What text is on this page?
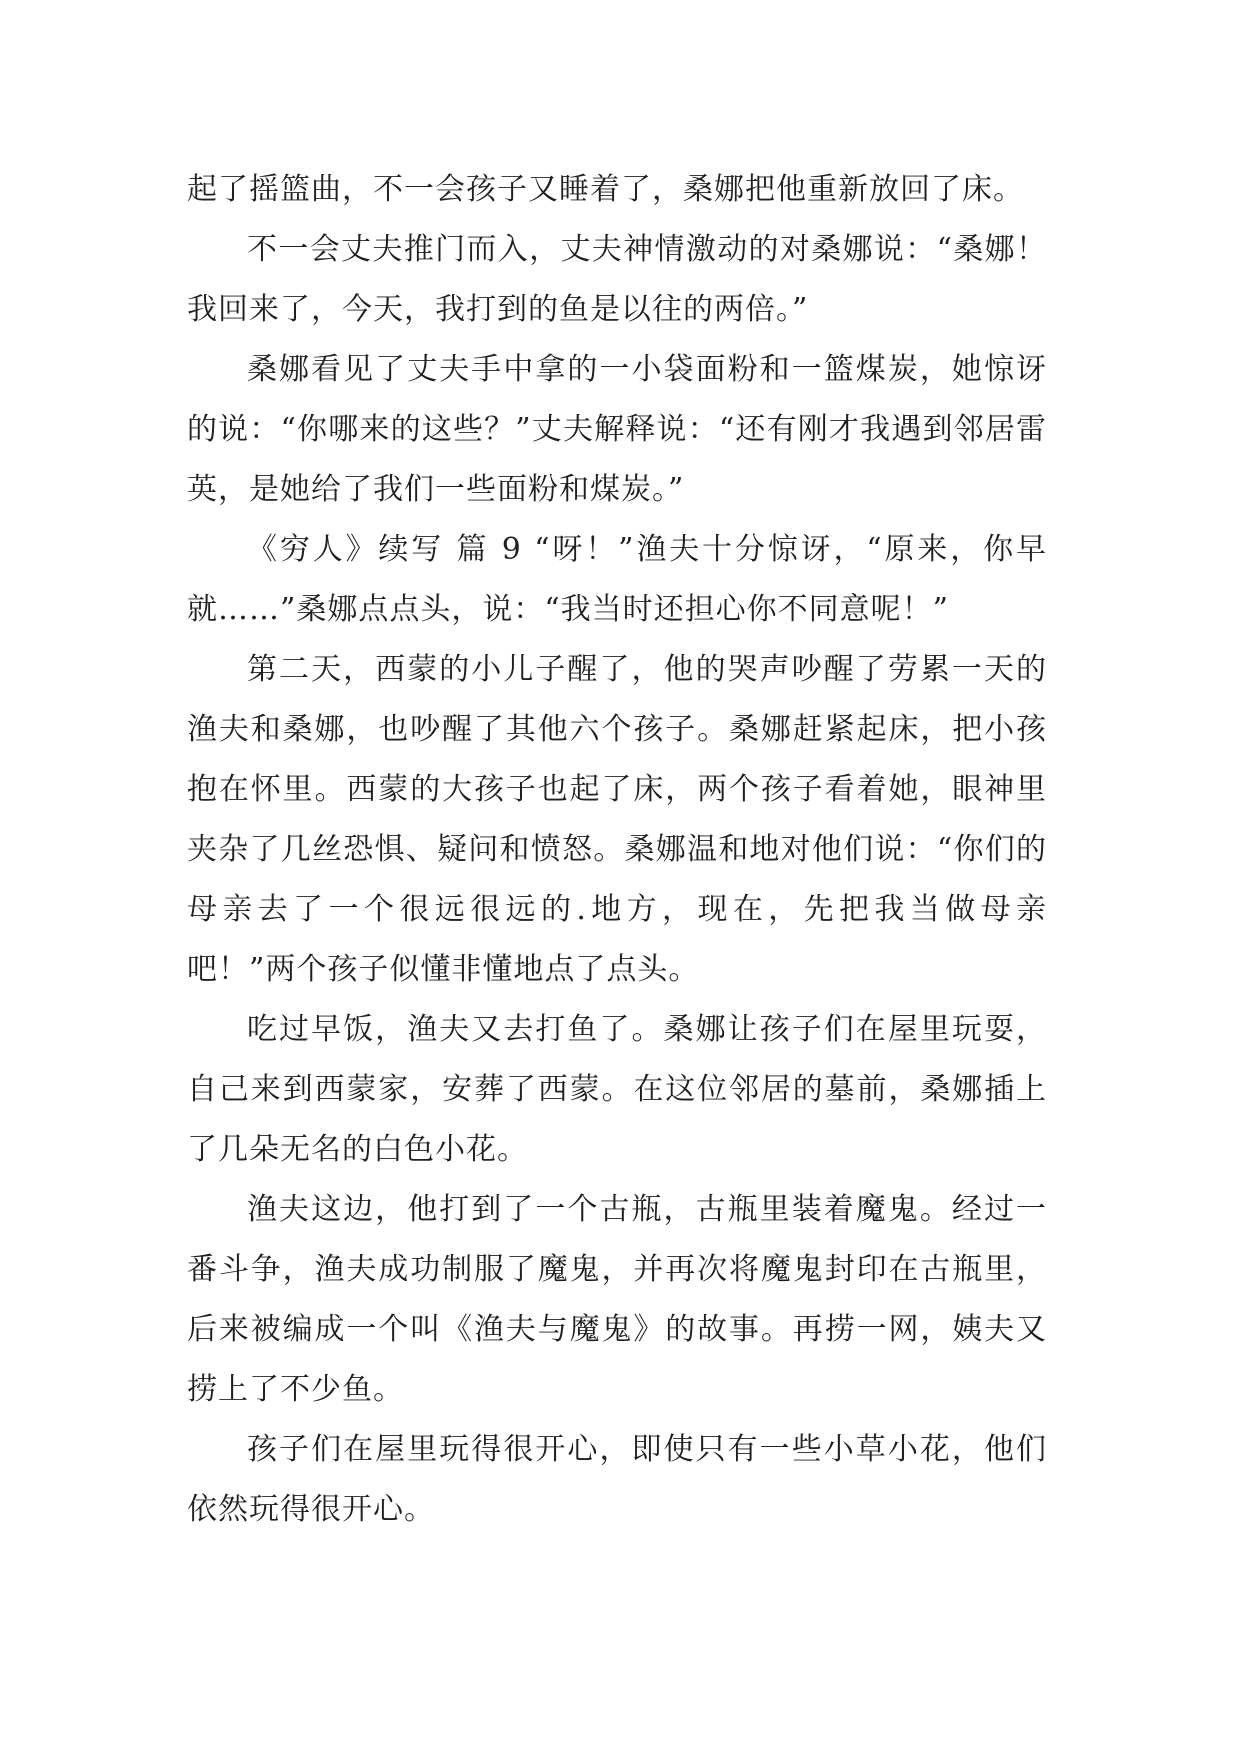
起了摇篮曲，不一会孩子又睡着了，桑娜把他重新放回了床。

不一会丈夫推门而入，丈夫神情激动的对桑娜说：“桑娜！我回来了，今天，我打到的鱼是以往的两倍。”

桑娜看见了丈夫手中拿的一小袋面粉和一篮煤炭，她惊讶的说：“你哪来的这些？”丈夫解释说：“还有刚才我遇到邻居雷英，是她给了我们一些面粉和煤炭。”

《穷人》续写 篇 9 “呀！”渔夫十分惊讶，“原来，你早就……”桑娜点点头，说：“我当时还担心你不同意呢！”

第二天，西蒙的小儿子醒了，他的哭声吵醒了劳累一天的渔夫和桑娜，也吵醒了其他六个孩子。桑娜赶紧起床，把小孩抱在怀里。西蒙的大孩子也起了床，两个孩子看着她，眼神里夹杂了几丝恐惧、疑问和愤怒。桑娜温和地对他们说：“你们的母亲去了一个很远很远的.地方，现在，先把我当做母亲吧！”两个孩子似懂非懂地点了点头。

吃过早饭，渔夫又去打鱼了。桑娜让孩子们在屋里玩耍，自己来到西蒙家，安葬了西蒙。在这位邻居的墓前，桑娜插上了几朵无名的白色小花。

渔夫这边，他打到了一个古瓶，古瓶里装着魔鬼。经过一番斗争，渔夫成功制服了魔鬼，并再次将魔鬼封印在古瓶里，后来被编成一个叫《渔夫与魔鬼》的故事。再捞一网，姨夫又捞上了不少鱼。

孩子们在屋里玩得很开心，即使只有一些小草小花，他们依然玩得很开心。
